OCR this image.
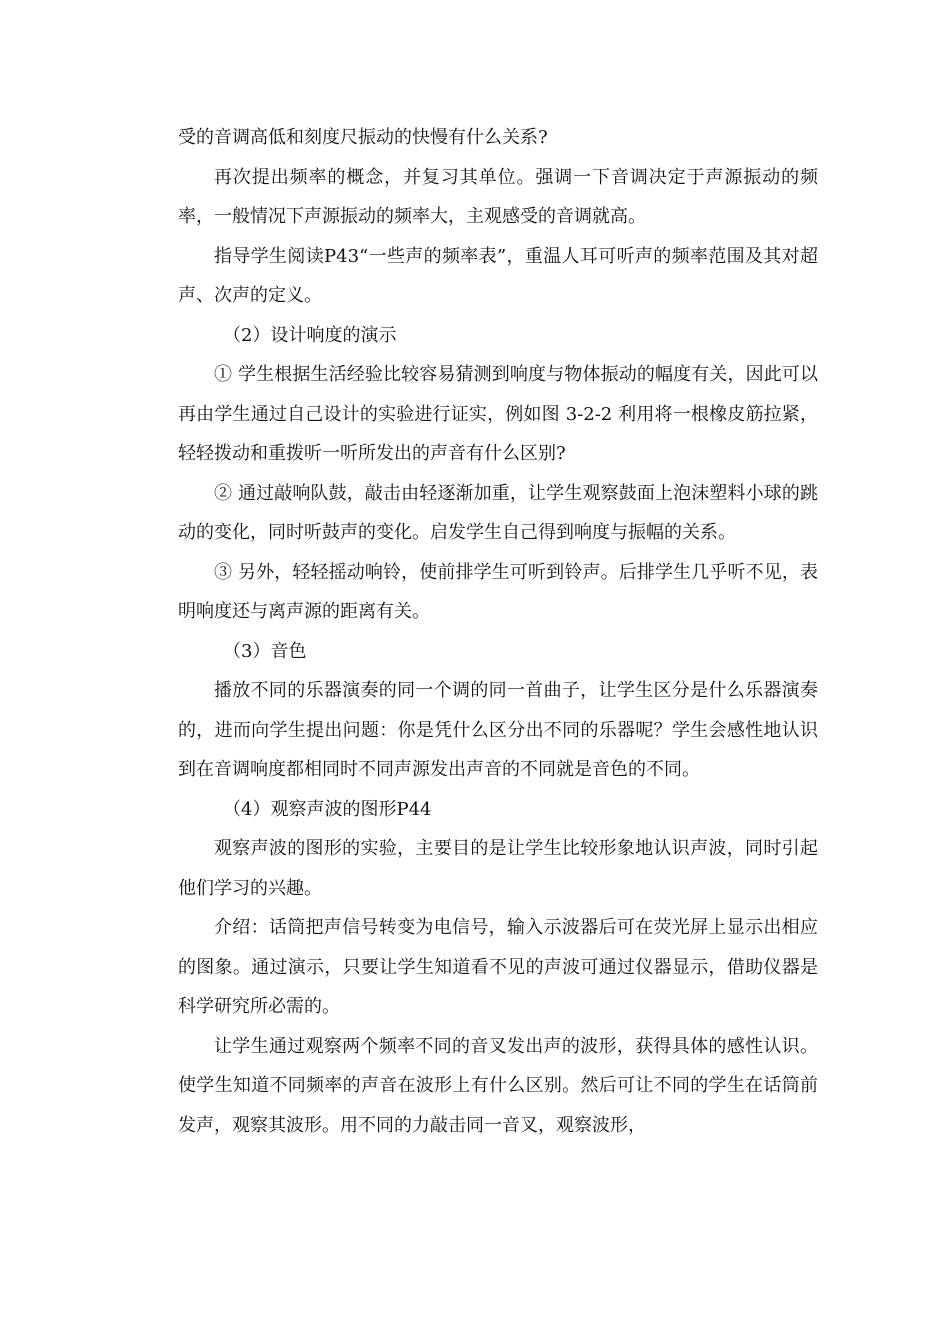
受的音调高低和刻度尺振动的快慢有什么关系?

再次提出频率的概念，并复习其单位。强调一下音调决定于声源振动的频率，一般情况下声源振动的频率大，主观感受的音调就高。

指导学生阅读P43“一些声的频率表”，重温人耳可听声的频率范围及其对超声、次声的定义。

（2）设计响度的演示

① 学生根据生活经验比较容易猜测到响度与物体振动的幅度有关，因此可以再由学生通过自己设计的实验进行证实，例如图 3-2-2 利用将一根橡皮筋拉紧，轻轻拨动和重拨听一听所发出的声音有什么区别?

② 通过敲响队鼓，敲击由轻逐渐加重，让学生观察鼓面上泡沫塑料小球的跳动的变化，同时听鼓声的变化。启发学生自己得到响度与振幅的关系。

③ 另外，轻轻摇动响铃，使前排学生可听到铃声。后排学生几乎听不见，表明响度还与离声源的距离有关。

（3）音色

播放不同的乐器演奏的同一个调的同一首曲子，让学生区分是什么乐器演奏的，进而向学生提出问题：你是凭什么区分出不同的乐器呢？学生会感性地认识到在音调响度都相同时不同声源发出声音的不同就是音色的不同。

（4）观察声波的图形P44

观察声波的图形的实验，主要目的是让学生比较形象地认识声波，同时引起他们学习的兴趣。

介绍：话筒把声信号转变为电信号，输入示波器后可在荧光屏上显示出相应的图象。通过演示，只要让学生知道看不见的声波可通过仪器显示，借助仪器是科学研究所必需的。

让学生通过观察两个频率不同的音叉发出声的波形，获得具体的感性认识。使学生知道不同频率的声音在波形上有什么区别。然后可让不同的学生在话筒前发声，观察其波形。用不同的力敲击同一音叉，观察波形，
